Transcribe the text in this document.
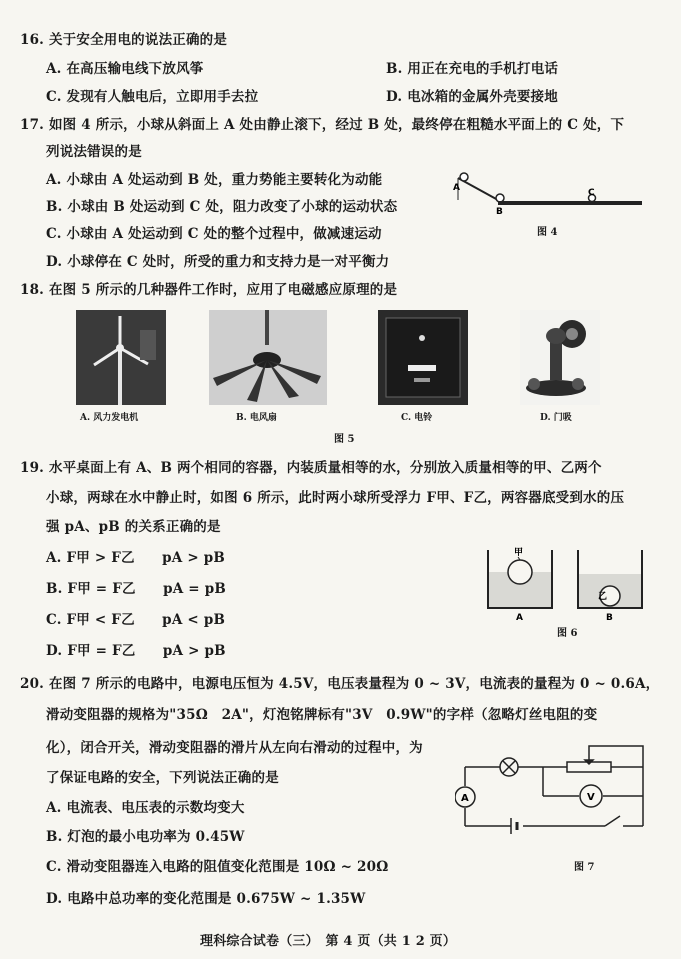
16. 关于安全用电的说法正确的是
A. 在高压输电线下放风筝	B. 用正在充电的手机打电话
C. 发现有人触电后，立即用手去拉	D. 电冰箱的金属外壳要接地
17. 如图 4 所示，小球从斜面上 A 处由静止滚下，经过 B 处，最终停在粗糙水平面上的 C 处，下
列说法错误的是
A. 小球由 A 处运动到 B 处，重力势能主要转化为动能
B. 小球由 B 处运动到 C 处，阻力改变了小球的运动状态
C. 小球由 A 处运动到 C 处的整个过程中，做减速运动
D. 小球停在 C 处时，所受的重力和支持力是一对平衡力
A
B
C
图 4
18. 在图 5 所示的几种器件工作时，应用了电磁感应原理的是
A. 风力发电机	B. 电风扇	C. 电铃	D. 门吸
图 5
19. 水平桌面上有 A、B 两个相同的容器，内装质量相等的水，分别放入质量相等的甲、乙两个
小球，两球在水中静止时，如图 6 所示，此时两小球所受浮力 F甲、F乙，两容器底受到水的压
强 pA、pB 的关系正确的是
A. F甲 > F乙　　pA > pB
B. F甲 = F乙　　pA = pB
C. F甲 < F乙　　pA < pB
D. F甲 = F乙　　pA > pB
甲
A
乙
B
图 6
20. 在图 7 所示的电路中，电源电压恒为 4.5V，电压表量程为 0 ~ 3V，电流表的量程为 0 ~ 0.6A，
滑动变阻器的规格为"35Ω　2A"，灯泡铭牌标有"3V　0.9W"的字样（忽略灯丝电阻的变
化），闭合开关，滑动变阻器的滑片从左向右滑动的过程中，为
了保证电路的安全，下列说法正确的是
A. 电流表、电压表的示数均变大
B. 灯泡的最小电功率为 0.45W
C. 滑动变阻器连入电路的阻值变化范围是 10Ω ~ 20Ω
D. 电路中总功率的变化范围是 0.675W ~ 1.35W
A	V
图 7
理科综合试卷（三）　第 4 页（共 1 2 页）
